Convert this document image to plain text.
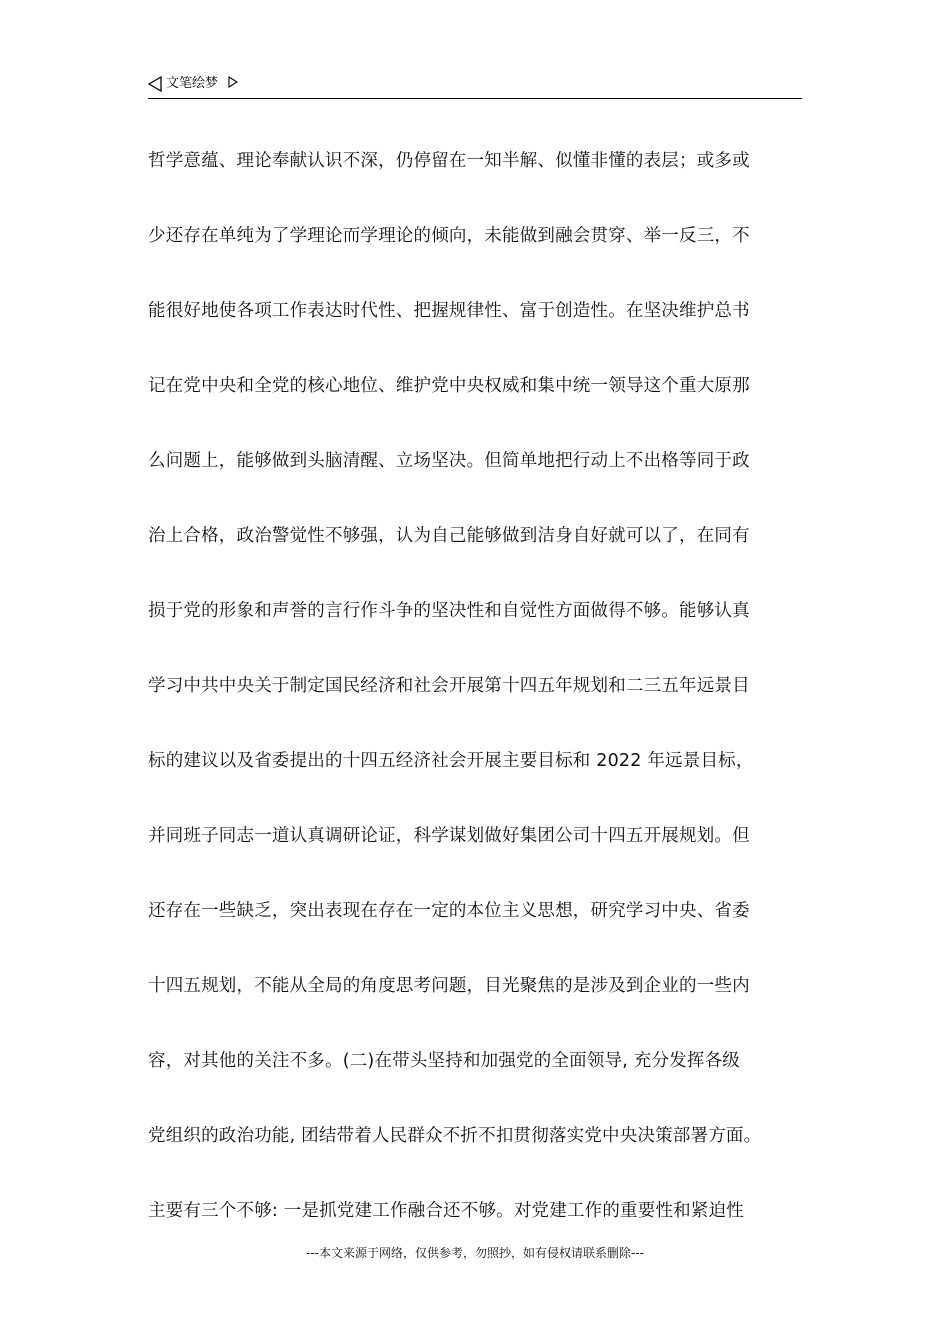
文笔绘梦
哲学意蕴、理论奉献认识不深，仍停留在一知半解、似懂非懂的表层；或多或
少还存在单纯为了学理论而学理论的倾向，未能做到融会贯穿、举一反三，不
能很好地使各项工作表达时代性、把握规律性、富于创造性。在坚决维护总书
记在党中央和全党的核心地位、维护党中央权威和集中统一领导这个重大原那
么问题上，能够做到头脑清醒、立场坚决。但简单地把行动上不出格等同于政
治上合格，政治警觉性不够强，认为自己能够做到洁身自好就可以了，在同有
损于党的形象和声誉的言行作斗争的坚决性和自觉性方面做得不够。能够认真
学习中共中央关于制定国民经济和社会开展第十四五年规划和二三五年远景目
标的建议以及省委提出的十四五经济社会开展主要目标和 2022 年远景目标，
并同班子同志一道认真调研论证，科学谋划做好集团公司十四五开展规划。但
还存在一些缺乏，突出表现在存在一定的本位主义思想，研究学习中央、省委
十四五规划，不能从全局的角度思考问题，目光聚焦的是涉及到企业的一些内
容，对其他的关注不多。(二)在带头坚持和加强党的全面领导, 充分发挥各级
党组织的政治功能, 团结带着人民群众不折不扣贯彻落实党中央决策部署方面。
主要有三个不够: 一是抓党建工作融合还不够。对党建工作的重要性和紧迫性
---本文来源于网络，仅供参考，勿照抄，如有侵权请联系删除---
